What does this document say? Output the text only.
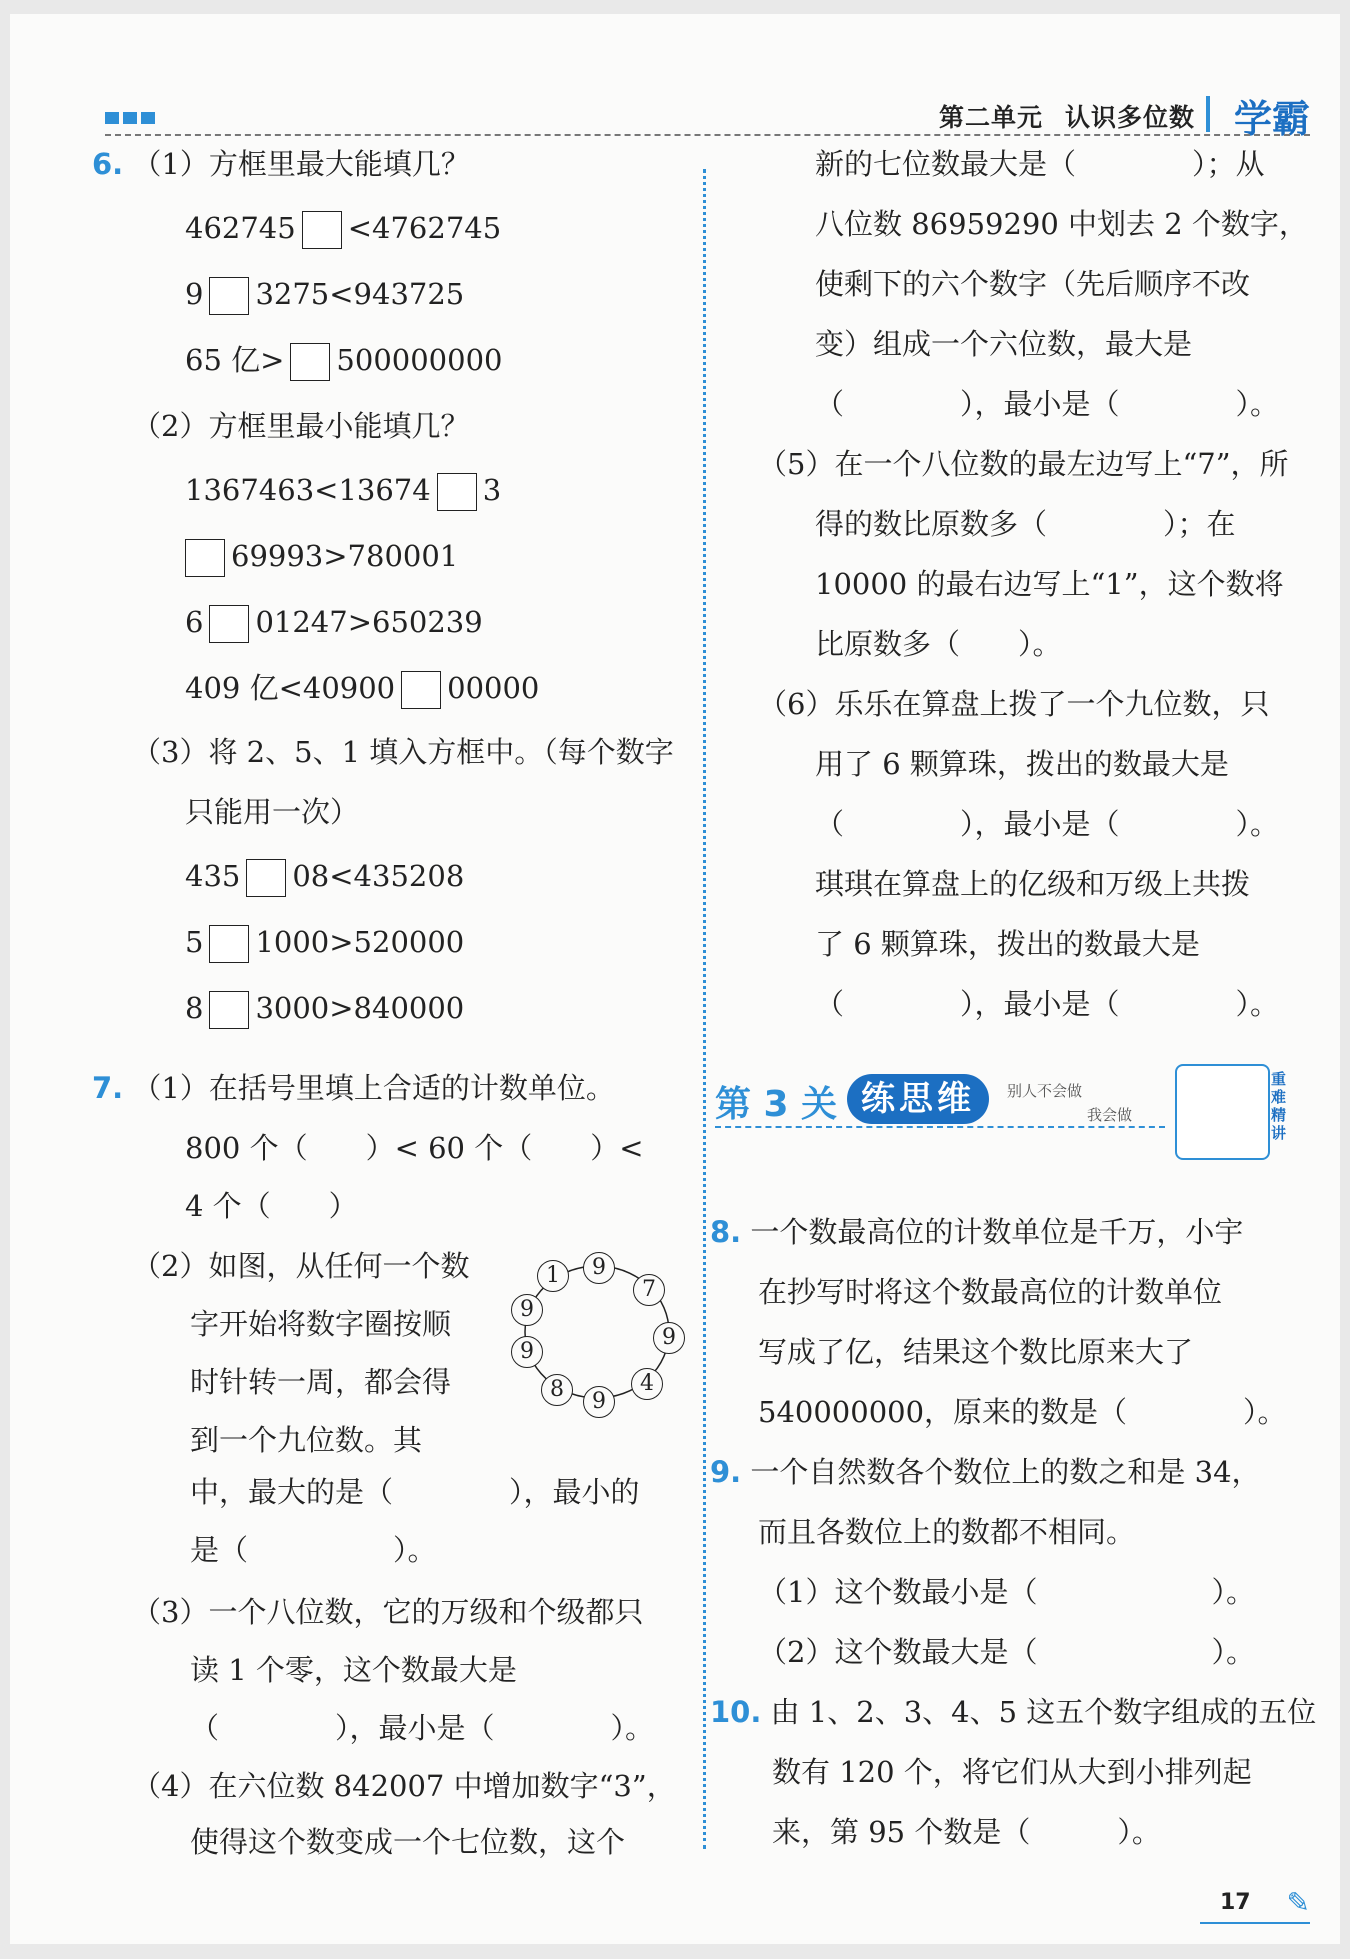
第二单元 认识多位数 学霸
6. （1）方框里最大能填几？
462745 <4762745
9 3275<943725
65 亿> 500000000
（2）方框里最小能填几？
1367463<13674 3
69993>780001
6 01247>650239
409 亿<40900 00000
（3）将 2、5、1 填入方框中。（每个数字
只能用一次）
435 08<435208
5 1000>520000
8 3000>840000
7. （1）在括号里填上合适的计数单位。
800 个（　　）< 60 个（　　）<
4 个（　　）
（2）如图，从任何一个数
字开始将数字圈按顺
时针转一周，都会得
到一个九位数。其
中，最大的是（　　　　），最小的
是（　　　　　）。
9
7
9
4
9
8
9
9
1
（3）一个八位数，它的万级和个级都只
读 1 个零，这个数最大是
（　　　　），最小是（　　　　）。
（4）在六位数 842007 中增加数字“3”，
使得这个数变成一个七位数，这个
新的七位数最大是（　　　　）；从
八位数 86959290 中划去 2 个数字，
使剩下的六个数字（先后顺序不改
变）组成一个六位数，最大是
（　　　　），最小是（　　　　）。
（5）在一个八位数的最左边写上“7”，所
得的数比原数多（　　　　）；在
10000 的最右边写上“1”，这个数将
比原数多（　　）。
（6）乐乐在算盘上拨了一个九位数，只
用了 6 颗算珠，拨出的数最大是
（　　　　），最小是（　　　　）。
琪琪在算盘上的亿级和万级上共拨
了 6 颗算珠，拨出的数最大是
（　　　　），最小是（　　　　）。
第 3 关 练思维	别人不会做
我会做
重难精讲
8. 一个数最高位的计数单位是千万，小宇
在抄写时将这个数最高位的计数单位
写成了亿，结果这个数比原来大了
540000000，原来的数是（　　　　）。
9. 一个自然数各个数位上的数之和是 34，
而且各数位上的数都不相同。
（1）这个数最小是（　　　　　　）。
（2）这个数最大是（　　　　　　）。
10. 由 1、2、3、4、5 这五个数字组成的五位
数有 120 个，将它们从大到小排列起
来，第 95 个数是（　　　）。
17 ✎
